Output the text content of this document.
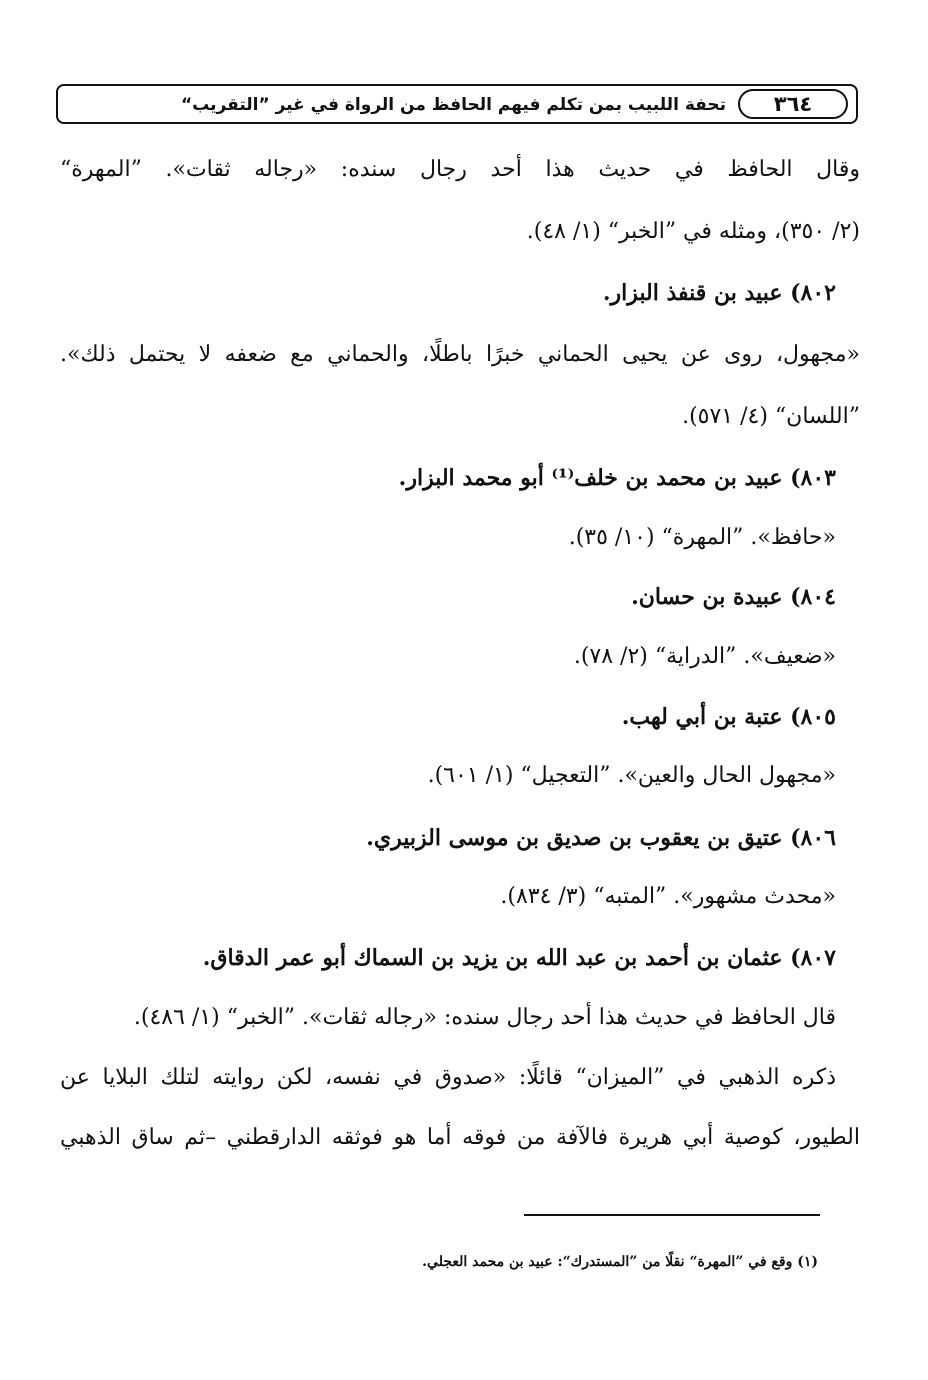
٣٦٤
تحفة اللبيب بمن تكلم فيهم الحافظ من الرواة في غير ”التقريب“
وقال الحافظ في حديث هذا أحد رجال سنده: «رجاله ثقات». ”المهرة“
(٢/ ٣٥٠)، ومثله في ”الخبر“ (١/ ٤٨).
٨٠٢) عبيد بن قنفذ البزار.
«مجهول، روى عن يحيى الحماني خبرًا باطلًا، والحماني مع ضعفه لا يحتمل ذلك».
”اللسان“ (٤/ ٥٧١).
٨٠٣) عبيد بن محمد بن خلف⁽¹⁾ أبو محمد البزار.
«حافظ». ”المهرة“ (١٠/ ٣٥).
٨٠٤) عبيدة بن حسان.
«ضعيف». ”الدراية“ (٢/ ٧٨).
٨٠٥) عتبة بن أبي لهب.
«مجهول الحال والعين». ”التعجيل“ (١/ ٦٠١).
٨٠٦) عتيق بن يعقوب بن صديق بن موسى الزبيري.
«محدث مشهور». ”المتبه“ (٣/ ٨٣٤).
٨٠٧) عثمان بن أحمد بن عبد الله بن يزيد بن السماك أبو عمر الدقاق.
قال الحافظ في حديث هذا أحد رجال سنده: «رجاله ثقات». ”الخبر“ (١/ ٤٨٦).
ذكره الذهبي في ”الميزان“ قائلًا: «صدوق في نفسه، لكن روايته لتلك البلايا عن
الطيور، كوصية أبي هريرة فالآفة من فوقه أما هو فوثقه الدارقطني –ثم ساق الذهبي
(١) وقع في ”المهرة“ نقلًا من ”المستدرك“: عبيد بن محمد العجلي.
